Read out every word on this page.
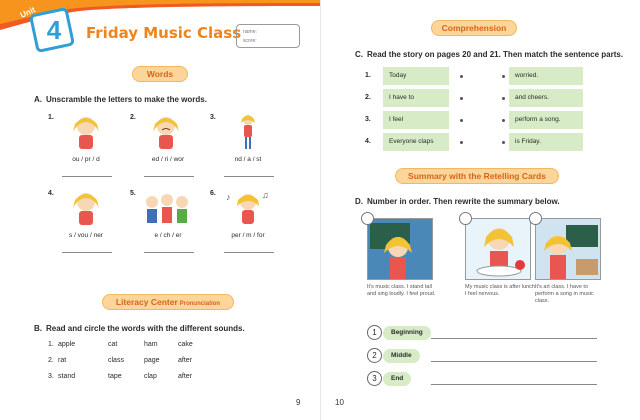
Unit
4	Friday Music Class name:
score:
Words
A. Unscramble the letters to make the words.
1.
ou / pr / d
2.
ed / ri / wor
3.
nd / a / st
4.
s / vou / ner
5.
e / ch / er
6. ♪	♫
per / m / for
Literacy Center Pronunciation
B. Read and circle the words with the different sounds.
1. apple	cat	ham	cake
2. rat	class	page	after
3. stand	tape	clap	after
9
Comprehension
C. Read the story on pages 20 and 21. Then match the sentence parts.
1.	Today	worried.
2.	I have to	and cheers.
3.	I feel	perform a song.
4.	Everyone claps	is Friday.
Summary with the Retelling Cards
D. Number in order. Then rewrite the summary below.
It's music class. I stand tall and sing loudly. I feel proud.
My music class is after lunch. I feel nervous.
It's art class. I have to perform a song in music class.
1	Beginning
2	Middle
3	End
10
